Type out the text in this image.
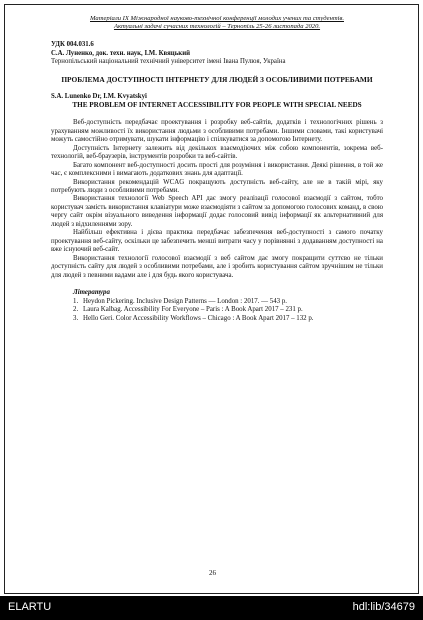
Матеріали IX Міжнародної науково-технічної конференції молодих учених та студентів.
Актуальні задачі сучасних технологій – Тернопіль 25-26 листопада 2020.
УДК 004.031.6
С.А. Луненко, док. техн. наук, І.М. Квяцький
Тернопільський національний технічний університет імені Івана Пулюя, Україна
ПРОБЛЕМА ДОСТУПНОСТІ ІНТЕРНЕТУ ДЛЯ ЛЮДЕЙ З ОСОБЛИВИМИ ПОТРЕБАМИ
S.A. Lunenko Dr, I.M. Kvyatskyi
THE PROBLEM OF INTERNET ACCESSIBILITY FOR PEOPLE WITH SPECIAL NEEDS

Веб-доступність передбачає проектування і розробку веб-сайтів, додатків і технологічних рішень з урахуванням можливості їх використання людьми з особливими потребами. Іншими словами, такі користувачі можуть самостійно отримувати, шукати інформацію і спілкуватися за допомогою Інтернету.

Доступність Інтернету залежить від декількох взаємодіючих між собою компонентів, зокрема веб-технологій, веб-браузерів, інструментів розробки та веб-сайтів.

Багато компонент веб-доступності досить прості для розуміння і використання. Деякі рішення, в той же час, є комплексними і вимагають додаткових знань для адаптації.

Використання рекомендацій WCAG покращують доступність веб-сайту, але не в такій мірі, яку потребують люди з особливими потребами.

Використання технології Web Speech API дає змогу реалізації голосової взаємодії з сайтом, тобто користувач замість використання клавіатури може взаємодіяти з сайтом за допомогою голосових команд, в свою чергу сайт окрім візуального виведення інформації додає голосовий вивід інформації як альтернативний для людей з відхиленнями зору.

Найбільш ефективна і дієва практика передбачає забезпечення веб-доступності з самого початку проектування веб-сайту, оскільки це забезпечить менші витрати часу у порівнянні з додаванням доступності на вже існуючий веб-сайт.

Використання технології голосової взаємодії з веб сайтом дає змогу покращити суттєво не тільки доступність сайту для людей з особливими потребами, але і зробить користування сайтом зручнішим не тільки для людей з певними вадами але і для будь якого користувача.

Література
1. Heydon Pickering. Inclusive Design Patterns — London : 2017. — 543 p.
2. Laura Kalbag. Accessibility For Everyone – Paris : A Book Apart 2017 – 231 p.
3. Hello Geri. Color Accessibility Workflows – Chicago : A Book Apart 2017 – 132 p.
26
ELARTU	hdl:lib/34679
